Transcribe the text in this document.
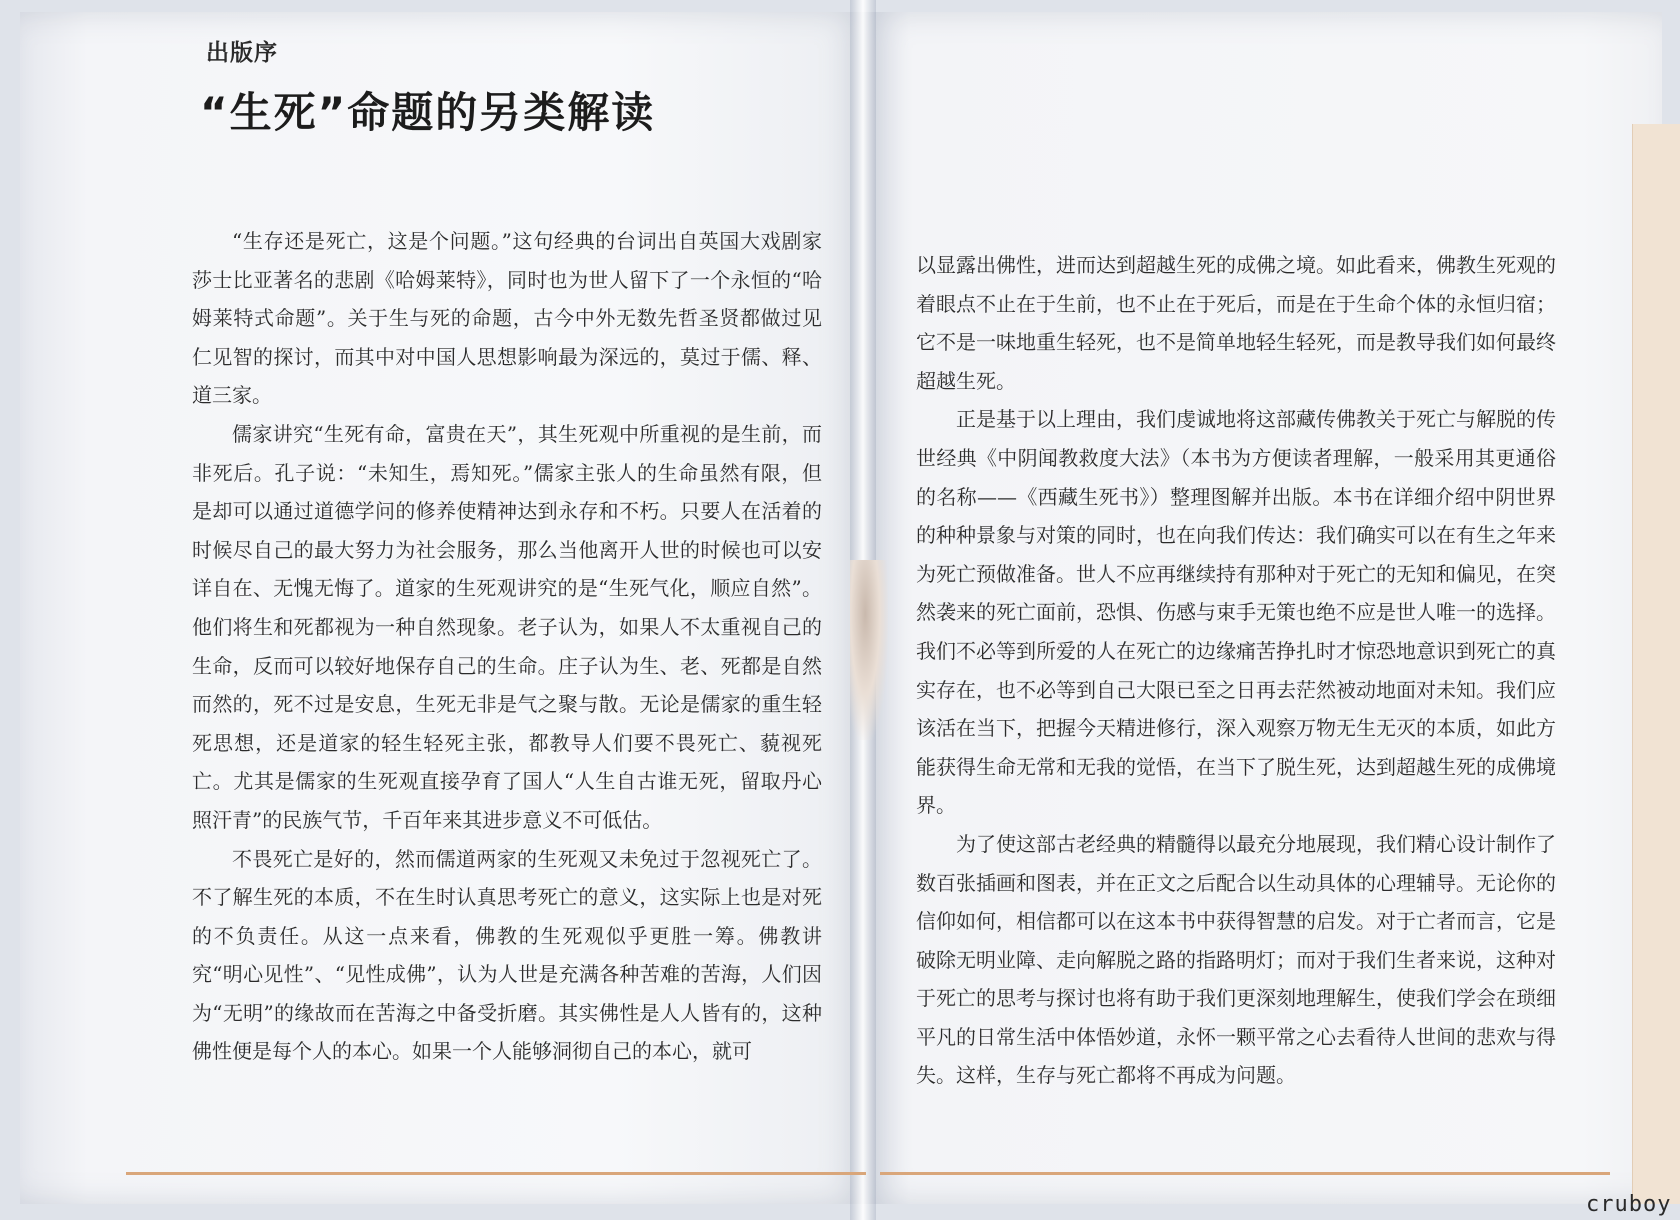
出版序
“生死”命题的另类解读

“生存还是死亡，这是个问题。”这句经典的台词出自英国大戏剧家莎士比亚著名的悲剧《哈姆莱特》，同时也为世人留下了一个永恒的“哈姆莱特式命题”。关于生与死的命题，古今中外无数先哲圣贤都做过见仁见智的探讨，而其中对中国人思想影响最为深远的，莫过于儒、释、道三家。

儒家讲究“生死有命，富贵在天”，其生死观中所重视的是生前，而非死后。孔子说：“未知生，焉知死。”儒家主张人的生命虽然有限，但是却可以通过道德学问的修养使精神达到永存和不朽。只要人在活着的时候尽自己的最大努力为社会服务，那么当他离开人世的时候也可以安详自在、无愧无悔了。道家的生死观讲究的是“生死气化，顺应自然”。他们将生和死都视为一种自然现象。老子认为，如果人不太重视自己的生命，反而可以较好地保存自己的生命。庄子认为生、老、死都是自然而然的，死不过是安息，生死无非是气之聚与散。无论是儒家的重生轻死思想，还是道家的轻生轻死主张，都教导人们要不畏死亡、藐视死亡。尤其是儒家的生死观直接孕育了国人“人生自古谁无死，留取丹心照汗青”的民族气节，千百年来其进步意义不可低估。

不畏死亡是好的，然而儒道两家的生死观又未免过于忽视死亡了。不了解生死的本质，不在生时认真思考死亡的意义，这实际上也是对死的不负责任。从这一点来看，佛教的生死观似乎更胜一筹。佛教讲究“明心见性”、“见性成佛”，认为人世是充满各种苦难的苦海，人们因为“无明”的缘故而在苦海之中备受折磨。其实佛性是人人皆有的，这种佛性便是每个人的本心。如果一个人能够洞彻自己的本心，就可

以显露出佛性，进而达到超越生死的成佛之境。如此看来，佛教生死观的着眼点不止在于生前，也不止在于死后，而是在于生命个体的永恒归宿；它不是一味地重生轻死，也不是简单地轻生轻死，而是教导我们如何最终超越生死。

正是基于以上理由，我们虔诚地将这部藏传佛教关于死亡与解脱的传世经典《中阴闻教救度大法》（本书为方便读者理解，一般采用其更通俗的名称——《西藏生死书》）整理图解并出版。本书在详细介绍中阴世界的种种景象与对策的同时，也在向我们传达：我们确实可以在有生之年来为死亡预做准备。世人不应再继续持有那种对于死亡的无知和偏见，在突然袭来的死亡面前，恐惧、伤感与束手无策也绝不应是世人唯一的选择。我们不必等到所爱的人在死亡的边缘痛苦挣扎时才惊恐地意识到死亡的真实存在，也不必等到自己大限已至之日再去茫然被动地面对未知。我们应该活在当下，把握今天精进修行，深入观察万物无生无灭的本质，如此方能获得生命无常和无我的觉悟，在当下了脱生死，达到超越生死的成佛境界。

为了使这部古老经典的精髓得以最充分地展现，我们精心设计制作了数百张插画和图表，并在正文之后配合以生动具体的心理辅导。无论你的信仰如何，相信都可以在这本书中获得智慧的启发。对于亡者而言，它是破除无明业障、走向解脱之路的指路明灯；而对于我们生者来说，这种对于死亡的思考与探讨也将有助于我们更深刻地理解生，使我们学会在琐细平凡的日常生活中体悟妙道，永怀一颗平常之心去看待人世间的悲欢与得失。这样，生存与死亡都将不再成为问题。

cruboy
